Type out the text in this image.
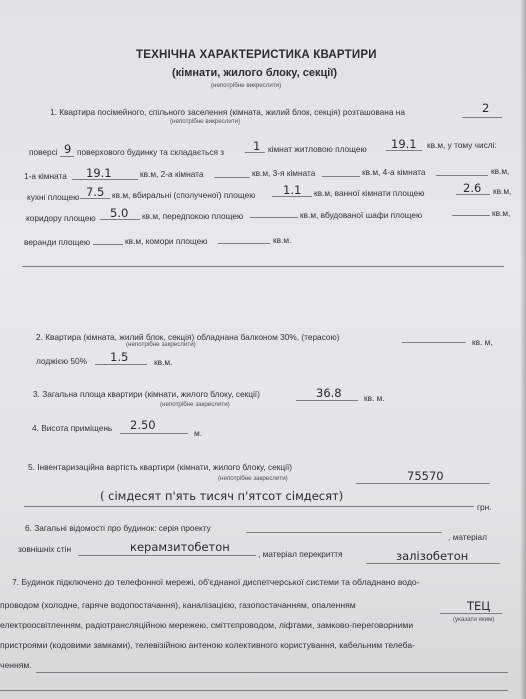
ТЕХНІЧНА ХАРАКТЕРИСТИКА КВАРТИРИ
(кімнати, жилого блоку, секції)
(непотрібне викреслити)
1. Квартира посімейного, спільного заселення (кімната, жилий блок, секція) розташована на	2
(непотрібне викреслити)
поверсі 9 поверхового будинку та складається з	1 кімнат житловою площею 19.1 кв.м, у тому числі:
1-а кімната 19.1	кв.м, 2-а кімната	кв.м, 3-я кімната	кв.м, 4-а кімната	кв.м,
кухні площею 7.5 кв.м, вбиральні (сполученої) площею 1.1 кв.м, ванної кімнати площею	2.6 кв.м,
коридору площею 5.0 кв.м, передпокою площею	кв.м, вбудованої шафи площею	кв.м,
веранди площею	кв.м, комори площею	кв.м.
2. Квартира (кімната, жилий блок, секція) обладнана балконом 30%, (терасою)	кв. м,
(непотрібне закреслити)
лоджією 50% 1.5	кв.м.
3. Загальна площа квартири (кімнати, жилого блоку, секції)	36.8	кв. м.
(непотрібне закреслити)
4. Висота приміщень 2.50
м.
5. Інвентаризаційна вартість квартири (кімнати, жилого блоку, секції)
(непотрібне закреслити)	75570
( сімдесят п'ять тисяч п'ятсот сімдесят)
грн.
6. Загальні відомості про будинок: серія проекту
, матеріал
зовнішніх стін	керамзитобетон	, матеріал перекриття	залізобетон
7. Будинок підключено до телефонної мережі, об'єднаної диспетчерської системи та обладнано водо-
проводом (холодне, гаряче водопостачання), каналізацією, газопостачанням, опаленням	ТЕЦ
(указати яким)
електроосвітленням, радіотрансляційною мережею, сміттєпроводом, ліфтами, замково-переговорними
пристроями (кодовими замками), телевізійною антеною колективного користування, кабельним телеба-
ченням.
